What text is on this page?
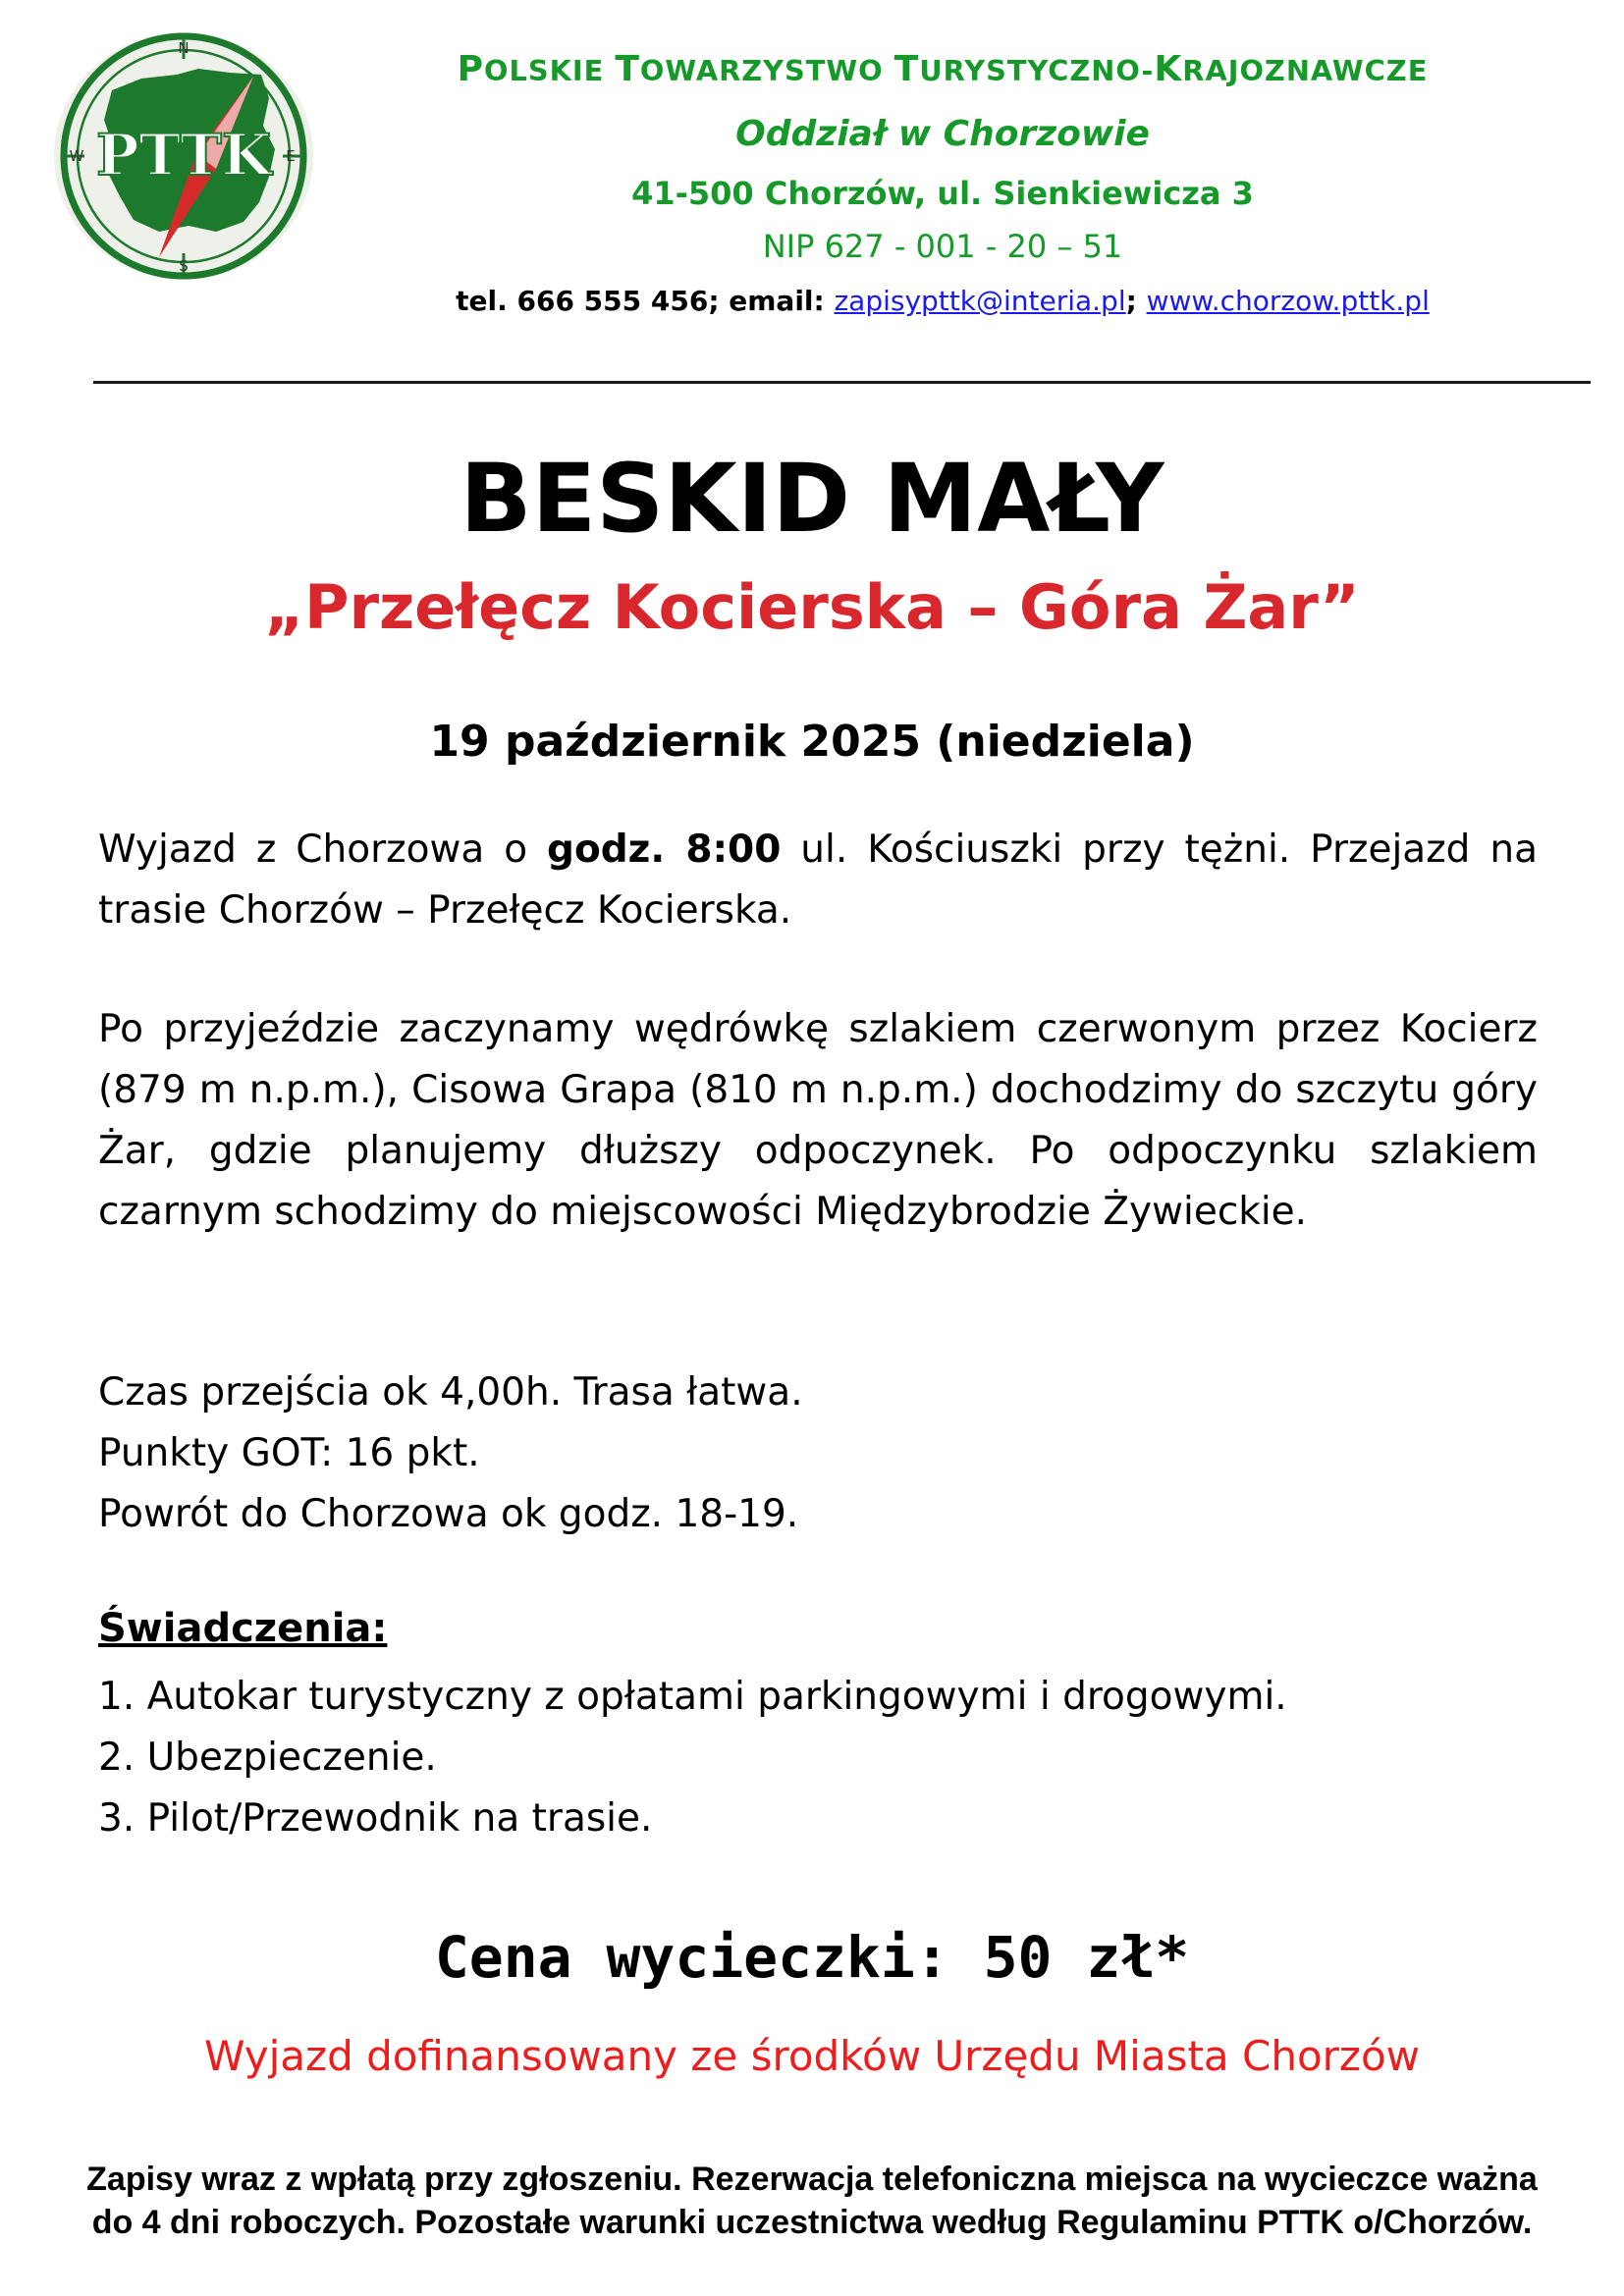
N
S
W	E
PTTK
POLSKIE TOWARZYSTWO TURYSTYCZNO-KRAJOZNAWCZE
Oddział w Chorzowie
41-500 Chorzów, ul. Sienkiewicza 3
NIP 627 - 001 - 20 – 51
tel. 666 555 456; email: zapisypttk@interia.pl; www.chorzow.pttk.pl
BESKID MAŁY
„Przełęcz Kocierska – Góra Żar”
19 październik 2025 (niedziela)
Wyjazd z Chorzowa o godz. 8:00 ul. Kościuszki przy tężni. Przejazd na trasie Chorzów – Przełęcz Kocierska.
Po przyjeździe zaczynamy wędrówkę szlakiem czerwonym przez Kocierz (879 m n.p.m.), Cisowa Grapa (810 m n.p.m.) dochodzimy do szczytu góry Żar, gdzie planujemy dłuższy odpoczynek. Po odpoczynku szlakiem czarnym schodzimy do miejscowości Międzybrodzie Żywieckie.
Czas przejścia ok 4,00h. Trasa łatwa.
Punkty GOT: 16 pkt.
Powrót do Chorzowa ok godz. 18-19.
Świadczenia:
1. Autokar turystyczny z opłatami parkingowymi i drogowymi.
2. Ubezpieczenie.
3. Pilot/Przewodnik na trasie.
Cena wycieczki: 50 zł*
Wyjazd dofinansowany ze środków Urzędu Miasta Chorzów
Zapisy wraz z wpłatą przy zgłoszeniu. Rezerwacja telefoniczna miejsca na wycieczce ważna do 4 dni roboczych. Pozostałe warunki uczestnictwa według Regulaminu PTTK o/Chorzów.
